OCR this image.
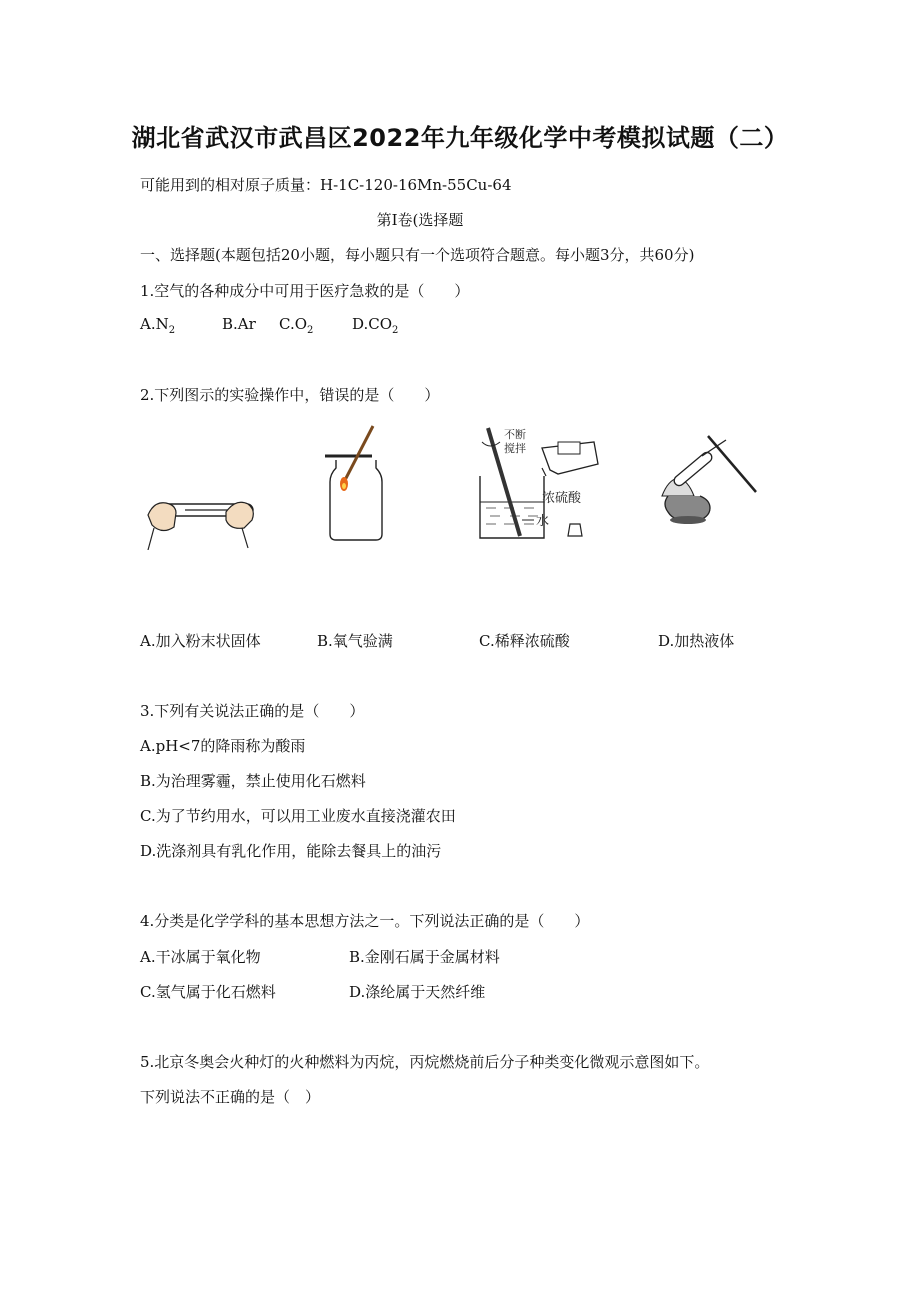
湖北省武汉市武昌区2022年九年级化学中考模拟试题（二）
可能用到的相对原子质量：H-1C-120-16Mn-55Cu-64
第Ⅰ卷(选择题
一、选择题(本题包括20小题，每小题只有一个选项符合题意。每小题3分，共60分)
1.空气的各种成分中可用于医疗急救的是（　　）
$A.N_2$	B.Ar $C.O_2$	$D.CO_2$
2.下列图示的实验操作中，错误的是（　　）
不断
搅拌
浓硫酸
水
A.加入粉末状固体	B.氧气验满	C.稀释浓硫酸	D.加热液体
3.下列有关说法正确的是（　　）
A.pH<7的降雨称为酸雨
B.为治理雾霾，禁止使用化石燃料
C.为了节约用水，可以用工业废水直接浇灌农田
D.洗涤剂具有乳化作用，能除去餐具上的油污
4.分类是化学学科的基本思想方法之一。下列说法正确的是（　　）
A.干冰属于氧化物	B.金刚石属于金属材料
C.氢气属于化石燃料	D.涤纶属于天然纤维
5.北京冬奥会火种灯的火种燃料为丙烷，丙烷燃烧前后分子种类变化微观示意图如下。
下列说法不正确的是（　）
